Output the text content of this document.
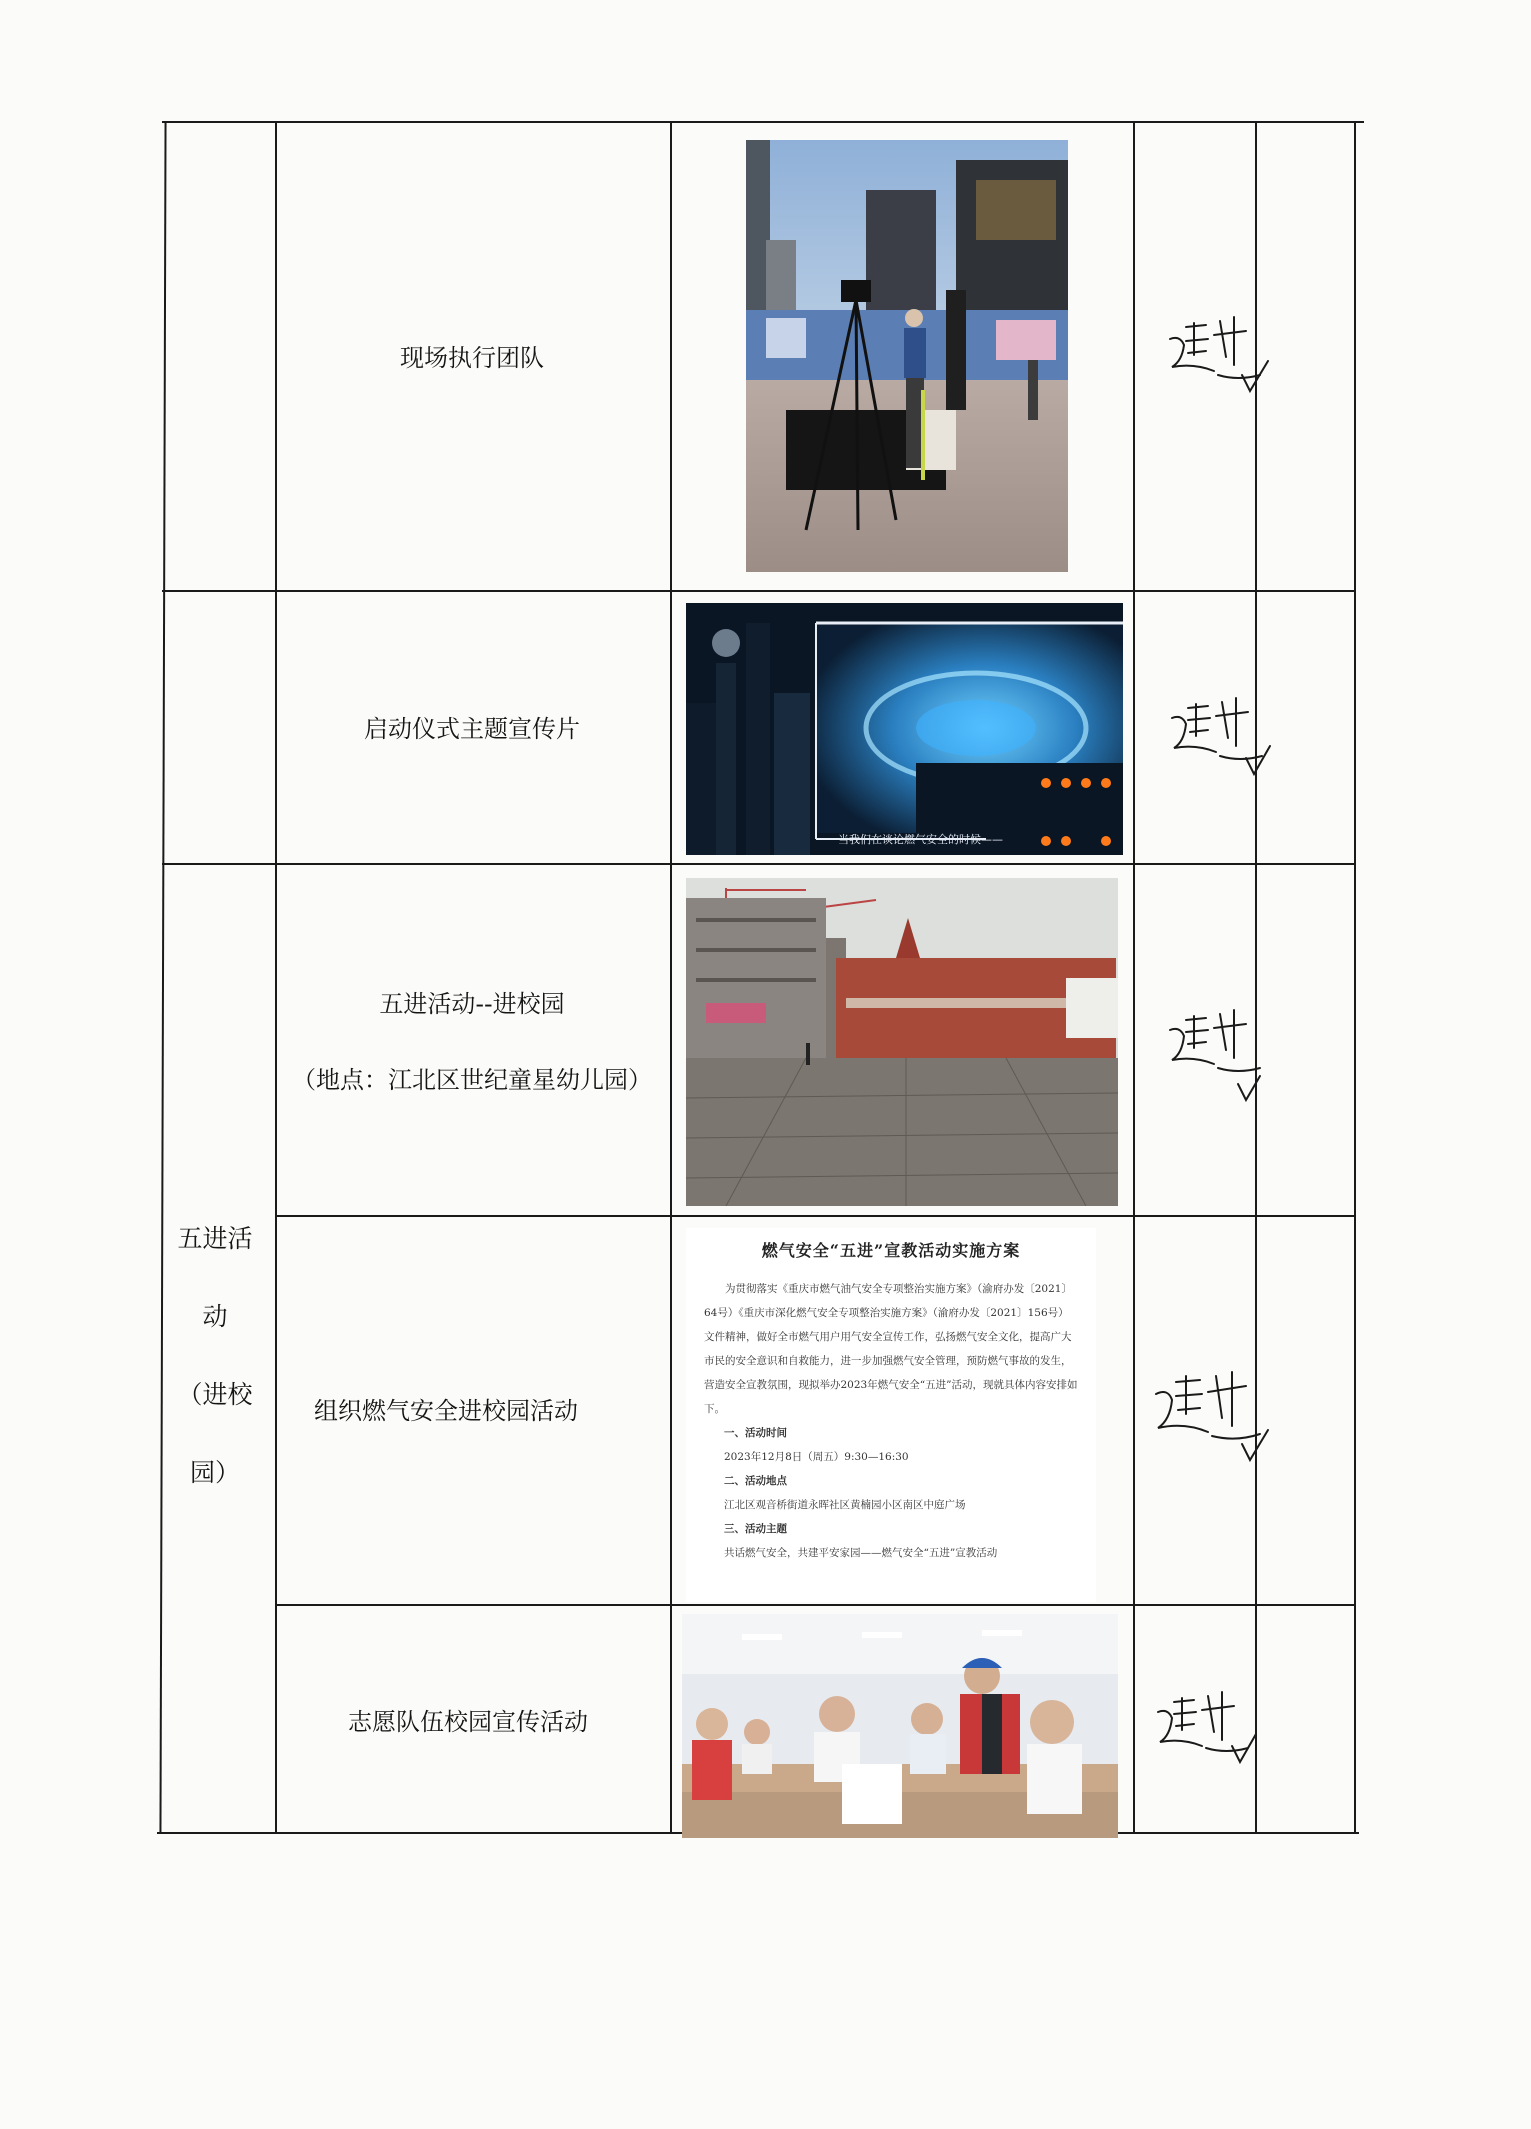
五进活
动
（进校
园）
现场执行团队
启动仪式主题宣传片
五进活动--进校园
（地点：江北区世纪童星幼儿园）
组织燃气安全进校园活动
志愿队伍校园宣传活动
当我们在谈论燃气安全的时候——
燃气安全“五进”宣教活动实施方案
为贯彻落实《重庆市燃气油气安全专项整治实施方案》（渝府办发〔2021〕64号）《重庆市深化燃气安全专项整治实施方案》（渝府办发〔2021〕156号）文件精神，做好全市燃气用户用气安全宣传工作，弘扬燃气安全文化，提高广大市民的安全意识和自救能力，进一步加强燃气安全管理，预防燃气事故的发生，营造安全宣教氛围，现拟举办2023年燃气安全“五进”活动，现就具体内容安排如下。
一、活动时间
2023年12月8日（周五）9:30—16:30
二、活动地点
江北区观音桥街道永晖社区黄楠园小区南区中庭广场
三、活动主题
共话燃气安全，共建平安家园——燃气安全“五进”宣教活动
